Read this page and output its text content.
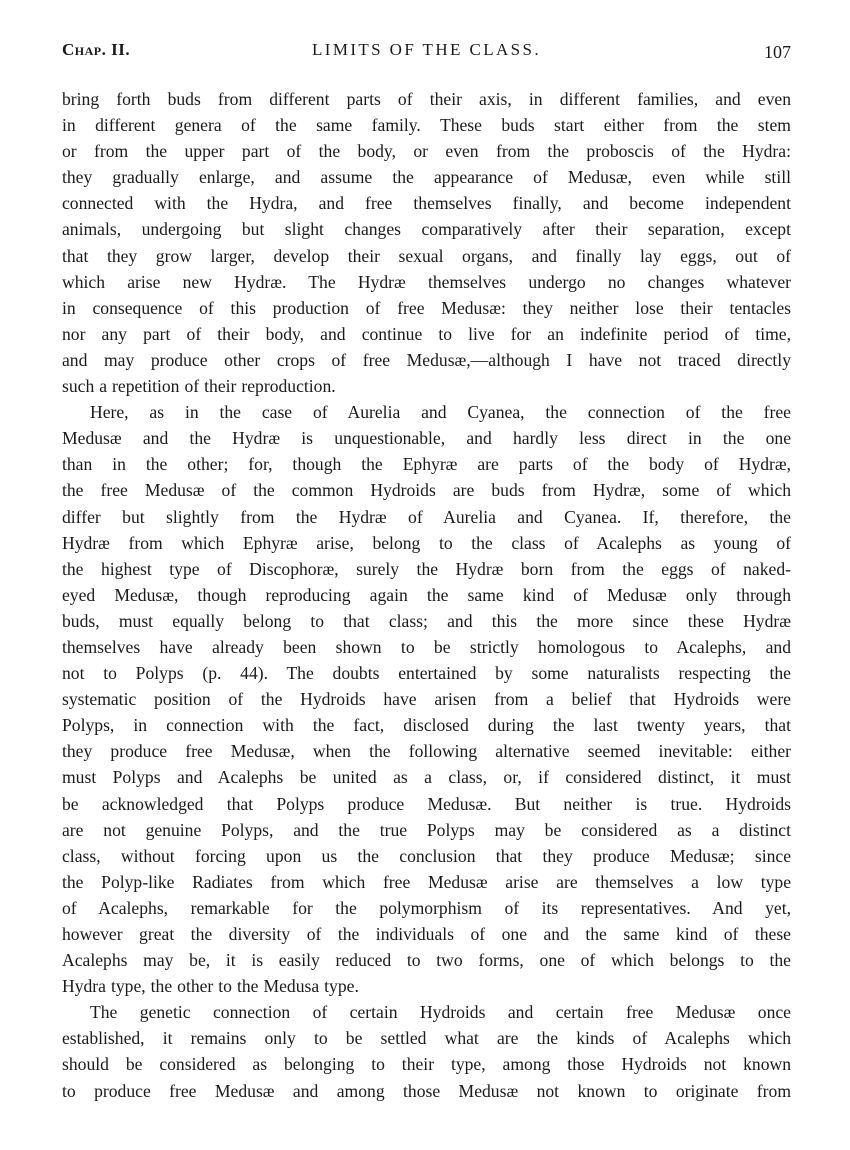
Chap. II.	LIMITS OF THE CLASS.	107

bring forth buds from different parts of their axis, in different families, and even
in different genera of the same family. These buds start either from the stem
or from the upper part of the body, or even from the proboscis of the Hydra:
they gradually enlarge, and assume the appearance of Medusæ, even while still
connected with the Hydra, and free themselves finally, and become independent
animals, undergoing but slight changes comparatively after their separation, except
that they grow larger, develop their sexual organs, and finally lay eggs, out of
which arise new Hydræ. The Hydræ themselves undergo no changes whatever
in consequence of this production of free Medusæ: they neither lose their tentacles
nor any part of their body, and continue to live for an indefinite period of time,
and may produce other crops of free Medusæ,—although I have not traced directly
such a repetition of their reproduction.

Here, as in the case of Aurelia and Cyanea, the connection of the free
Medusæ and the Hydræ is unquestionable, and hardly less direct in the one
than in the other; for, though the Ephyræ are parts of the body of Hydræ,
the free Medusæ of the common Hydroids are buds from Hydræ, some of which
differ but slightly from the Hydræ of Aurelia and Cyanea. If, therefore, the
Hydræ from which Ephyræ arise, belong to the class of Acalephs as young of
the highest type of Discophoræ, surely the Hydræ born from the eggs of naked-
eyed Medusæ, though reproducing again the same kind of Medusæ only through
buds, must equally belong to that class; and this the more since these Hydræ
themselves have already been shown to be strictly homologous to Acalephs, and
not to Polyps (p. 44). The doubts entertained by some naturalists respecting the
systematic position of the Hydroids have arisen from a belief that Hydroids were
Polyps, in connection with the fact, disclosed during the last twenty years, that
they produce free Medusæ, when the following alternative seemed inevitable: either
must Polyps and Acalephs be united as a class, or, if considered distinct, it must
be acknowledged that Polyps produce Medusæ. But neither is true. Hydroids
are not genuine Polyps, and the true Polyps may be considered as a distinct
class, without forcing upon us the conclusion that they produce Medusæ; since
the Polyp-like Radiates from which free Medusæ arise are themselves a low type
of Acalephs, remarkable for the polymorphism of its representatives. And yet,
however great the diversity of the individuals of one and the same kind of these
Acalephs may be, it is easily reduced to two forms, one of which belongs to the
Hydra type, the other to the Medusa type.

The genetic connection of certain Hydroids and certain free Medusæ once
established, it remains only to be settled what are the kinds of Acalephs which
should be considered as belonging to their type, among those Hydroids not known
to produce free Medusæ and among those Medusæ not known to originate from
